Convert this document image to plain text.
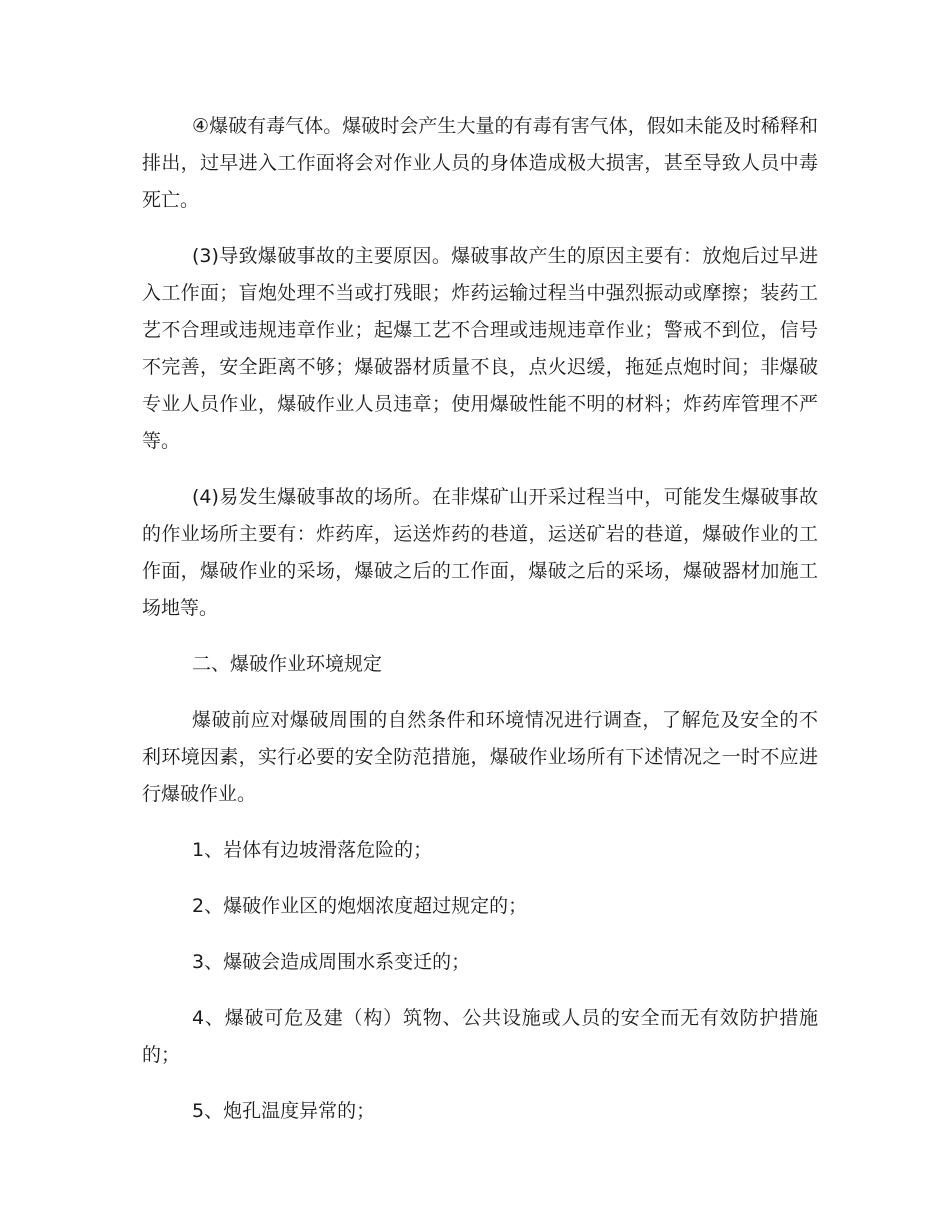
④爆破有毒气体。爆破时会产生大量的有毒有害气体，假如未能及时稀释和排出，过早进入工作面将会对作业人员的身体造成极大损害，甚至导致人员中毒死亡。

(3)导致爆破事故的主要原因。爆破事故产生的原因主要有：放炮后过早进入工作面；盲炮处理不当或打残眼；炸药运输过程当中强烈振动或摩擦；装药工艺不合理或违规违章作业；起爆工艺不合理或违规违章作业；警戒不到位，信号不完善，安全距离不够；爆破器材质量不良，点火迟缓，拖延点炮时间；非爆破专业人员作业，爆破作业人员违章；使用爆破性能不明的材料；炸药库管理不严等。

(4)易发生爆破事故的场所。在非煤矿山开采过程当中，可能发生爆破事故的作业场所主要有：炸药库，运送炸药的巷道，运送矿岩的巷道，爆破作业的工作面，爆破作业的采场，爆破之后的工作面，爆破之后的采场，爆破器材加施工场地等。

二、爆破作业环境规定

爆破前应对爆破周围的自然条件和环境情况进行调查，了解危及安全的不利环境因素，实行必要的安全防范措施，爆破作业场所有下述情况之一时不应进行爆破作业。

1、岩体有边坡滑落危险的；

2、爆破作业区的炮烟浓度超过规定的；

3、爆破会造成周围水系变迁的；

4、爆破可危及建（构）筑物、公共设施或人员的安全而无有效防护措施的；

5、炮孔温度异常的；
